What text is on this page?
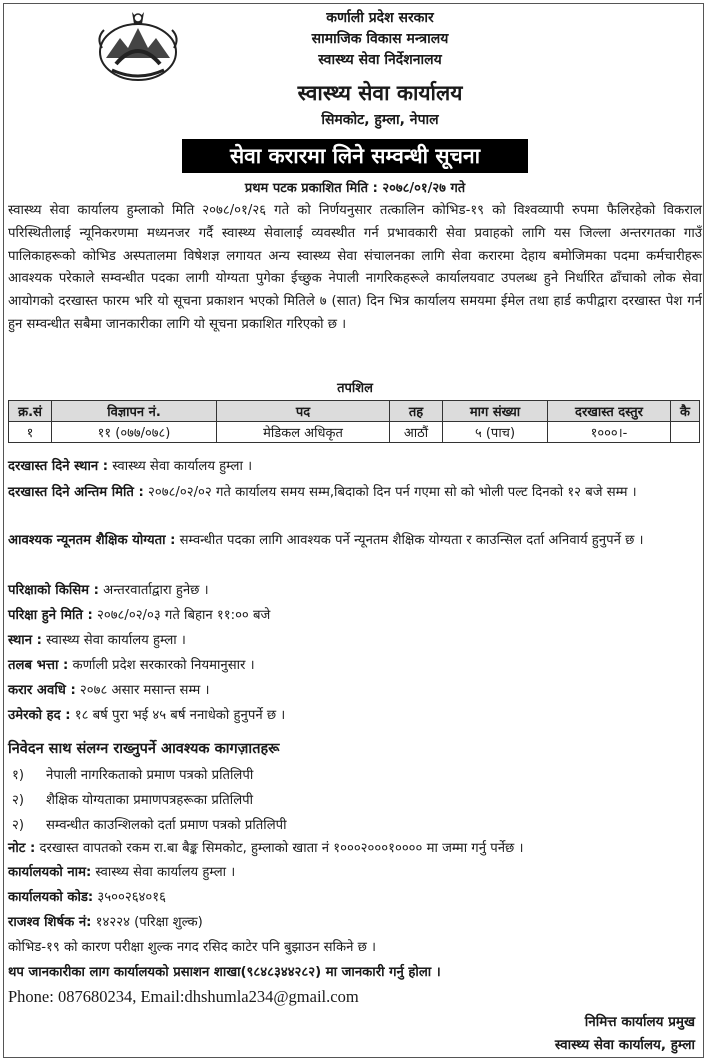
कर्णाली प्रदेश सरकार
सामाजिक विकास मन्त्रालय
स्वास्थ्य सेवा निर्देशनालय
स्वास्थ्य सेवा कार्यालय
सिमकोट, हुम्ला, नेपाल
सेवा करारमा लिने सम्वन्धी सूचना
प्रथम पटक प्रकाशित मिति : २०७८/०१/२७ गते

स्वास्थ्य सेवा कार्यालय हुम्लाको मिति २०७८/०१/२६ गते को निर्णयनुसार तत्कालिन कोभिड-१९ को विश्वव्यापी रुपमा फैलिरहेको विकराल परिस्थितीलाई न्यूनिकरणमा मध्यनजर गर्दै स्वास्थ्य सेवालाई व्यवस्थीत गर्न प्रभावकारी सेवा प्रवाहको लागि यस जिल्ला अन्तरगतका गाउँ पालिकाहरूको कोभिड अस्पतालमा विषेशज्ञ लगायत अन्य स्वास्थ्य सेवा संचालनका लागि सेवा करारमा देहाय बमोजिमका पदमा कर्मचारीहरू आवश्यक परेकाले सम्वन्धीत पदका लागी योग्यता पुगेका ईच्छुक नेपाली नागरिकहरूले कार्यालयवाट उपलब्ध हुने निर्धारित ढाँचाको लोक सेवा आयोगको दरखास्त फारम भरि यो सूचना प्रकाशन भएको मितिले ७ (सात) दिन भित्र कार्यालय समयमा ईमेल तथा हार्ड कपीद्वारा दरखास्त पेश गर्न हुन सम्वन्धीत सबैमा जानकारीका लागि यो सूचना प्रकाशित गरिएको छ ।

तपशिल
क्र.सं	विज्ञापन नं.	पद	तह	माग संख्या	दरखास्त दस्तुर	कै
१	११ (०७७/०७८)	मेडिकल अधिकृत	आठौं	५ (पाच)	१०००।-	

दरखास्त दिने स्थान : स्वास्थ्य सेवा कार्यालय हुम्ला ।

दरखास्त दिने अन्तिम मिति : २०७८/०२/०२ गते कार्यालय समय सम्म,बिदाको दिन पर्न गएमा सो को भोली पल्ट दिनको १२ बजे सम्म ।

आवश्यक न्यूनतम शैक्षिक योग्यता : सम्वन्धीत पदका लागि आवश्यक पर्ने न्यूनतम शैक्षिक योग्यता र काउन्सिल दर्ता अनिवार्य हुनुपर्ने छ ।

परिक्षाको किसिम : अन्तरवार्ताद्वारा हुनेछ ।

परिक्षा हुने मिति : २०७८/०२/०३ गते बिहान ११:०० बजे

स्थान : स्वास्थ्य सेवा कार्यालय हुम्ला ।

तलब भत्ता : कर्णाली प्रदेश सरकारको नियमानुसार ।

करार अवधि : २०७८ असार मसान्त सम्म ।

उमेरको हद : १८ बर्ष पुरा भई ४५ बर्ष ननाधेको हुनुपर्ने छ ।

निवेदन साथ संलग्न राख्नुपर्ने आवश्यक कागज़ातहरू
१) नेपाली नागरिकताको प्रमाण पत्रको प्रतिलिपी
२) शैक्षिक योग्यताका प्रमाणपत्रहरूका प्रतिलिपी
२) सम्वन्धीत काउन्शिलको दर्ता प्रमाण पत्रको प्रतिलिपी

नोट : दरखास्त वापतको रकम रा.बा बैङ्क सिमकोट, हुम्लाको खाता नं १०००२०००१०००० मा जम्मा गर्नु पर्नेछ ।

कार्यालयको नाम: स्वास्थ्य सेवा कार्यालय हुम्ला ।

कार्यालयको कोड: ३५००२६४०१६

राजश्व शिर्षक नं: १४२२४ (परिक्षा शुल्क)

कोभिड-१९ को कारण परीक्षा शुल्क नगद रसिद काटेर पनि बुझाउन सकिने छ ।

थप जानकारीका लाग कार्यालयको प्रसाशन शाखा(९८४८३४४२८२) मा जानकारी गर्नु होला ।

Phone: 087680234, Email:dhshumla234@gmail.com
निमित्त कार्यालय प्रमुख
स्वास्थ्य सेवा कार्यालय, हुम्ला
